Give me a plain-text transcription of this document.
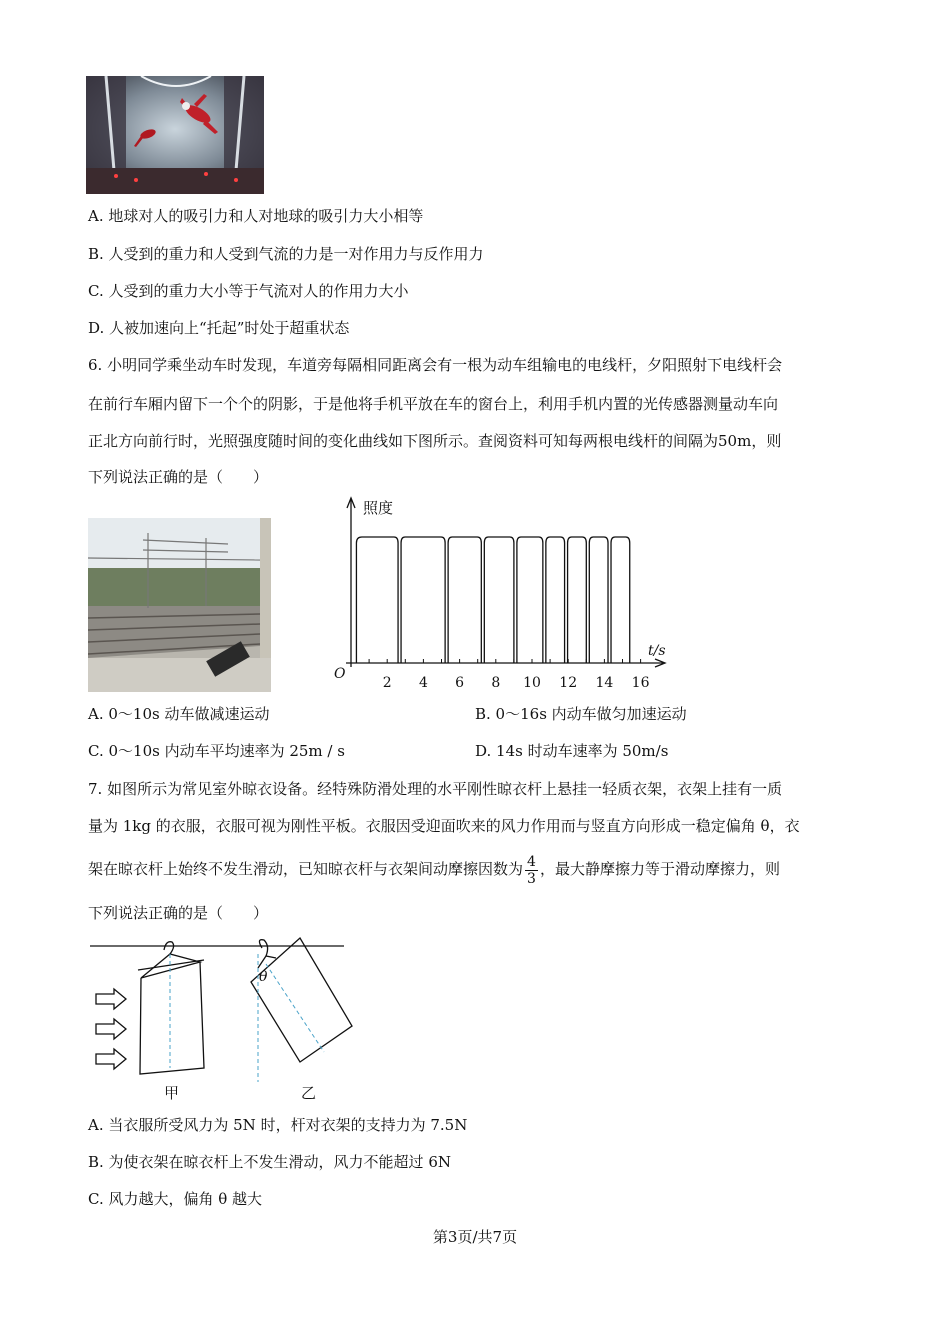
A. 地球对人的吸引力和人对地球的吸引力大小相等
B. 人受到的重力和人受到气流的力是一对作用力与反作用力
C. 人受到的重力大小等于气流对人的作用力大小
D. 人被加速向上“托起”时处于超重状态
6. 小明同学乘坐动车时发现，车道旁每隔相同距离会有一根为动车组输电的电线杆，夕阳照射下电线杆会
在前行车厢内留下一个个的阴影，于是他将手机平放在车的窗台上，利用手机内置的光传感器测量动车向
正北方向前行时，光照强度随时间的变化曲线如下图所示。查阅资料可知每两根电线杆的间隔为50m，则
下列说法正确的是（　　）
2 4 6 8 10 12 14 16
照度
t/s
O
A. 0～10s 动车做减速运动	B. 0～16s 内动车做匀加速运动
C. 0～10s 内动车平均速率为 25m / s	D. 14s 时动车速率为 50m/s
7. 如图所示为常见室外晾衣设备。经特殊防滑处理的水平刚性晾衣杆上悬挂一轻质衣架，衣架上挂有一质
量为 1kg 的衣服，衣服可视为刚性平板。衣服因受迎面吹来的风力作用而与竖直方向形成一稳定偏角 θ，衣
架在晾衣杆上始终不发生滑动，已知晾衣杆与衣架间动摩擦因数为 $\frac{4}{3}$ ，最大静摩擦力等于滑动摩擦力，则
下列说法正确的是（　　）
甲	乙
θ
A. 当衣服所受风力为 5N 时，杆对衣架的支持力为 7.5N
B. 为使衣架在晾衣杆上不发生滑动，风力不能超过 6N
C. 风力越大，偏角 θ 越大
第3页/共7页
